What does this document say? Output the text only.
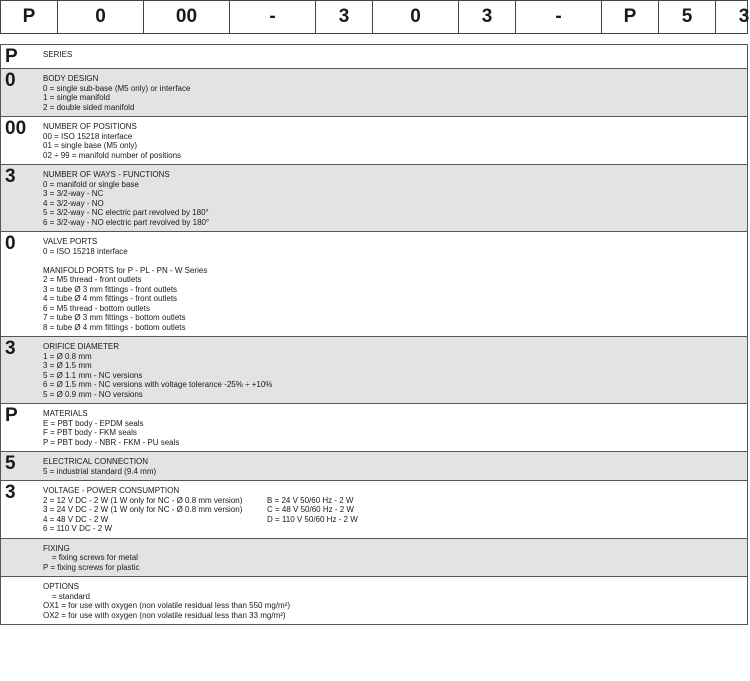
P	0	00	-	3	0	3	-	P	5	3
P	SERIES
0	BODY DESIGN
0 = single sub-base (M5 only) or interface
1 = single manifold
2 = double sided manifold
00	NUMBER OF POSITIONS
00 = ISO 15218 interface
01 = single base (M5 only)
02 ÷ 99 = manifold number of positions
3	NUMBER OF WAYS - FUNCTIONS
0 = manifold or single base
3 = 3/2-way - NC
4 = 3/2-way - NO
5 = 3/2-way - NC electric part revolved by 180°
6 = 3/2-way - NO electric part revolved by 180°
0	VALVE PORTS
0 = ISO 15218 interface
MANIFOLD PORTS for P - PL - PN - W Series
2 = M5 thread - front outlets
3 = tube Ø 3 mm fittings - front outlets
4 = tube Ø 4 mm fittings - front outlets
6 = M5 thread - bottom outlets
7 = tube Ø 3 mm fittings - bottom outlets
8 = tube Ø 4 mm fittings - bottom outlets
3	ORIFICE DIAMETER
1 = Ø 0.8 mm
3 = Ø 1.5 mm
5 = Ø 1.1 mm - NC versions
6 = Ø 1.5 mm - NC versions with voltage tolerance -25% ÷ +10%
5 = Ø 0.9 mm - NO versions
P	MATERIALS
E = PBT body - EPDM seals
F = PBT body - FKM seals
P = PBT body - NBR - FKM - PU seals
5	ELECTRICAL CONNECTION
5 = industrial standard (9.4 mm)
3	VOLTAGE - POWER CONSUMPTION
2 = 12 V DC - 2 W (1 W only for NC - Ø 0.8 mm version)
3 = 24 V DC - 2 W (1 W only for NC - Ø 0.8 mm version)
4 = 48 V DC - 2 W
6 = 110 V DC - 2 W
B = 24 V 50/60 Hz - 2 W
C = 48 V 50/60 Hz - 2 W
D = 110 V 50/60 Hz - 2 W
FIXING
= fixing screws for metal
P = fixing screws for plastic
OPTIONS
= standard
OX1 = for use with oxygen (non volatile residual less than 550 mg/m²)
OX2 = for use with oxygen (non volatile residual less than 33 mg/m²)
